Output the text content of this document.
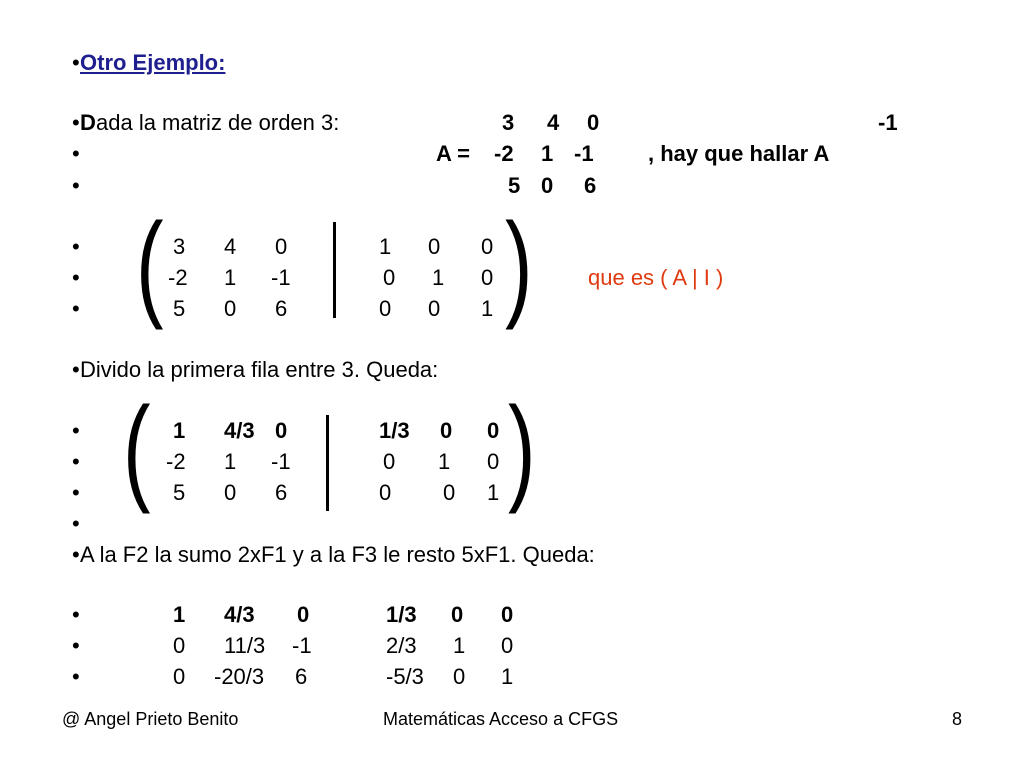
• Otro Ejemplo:
• D ada la matriz de orden 3:	3 4 0	-1
•	A = -2 1 -1 , hay que hallar A
•	5 0 6
•
•
• (	)
3 4 0	1 0 0
-2 1 -1	0 1 0
5 0 6	0 0 1
que es ( A | I )
• Divido la primera fila entre 3. Queda:
•
•
•
•
(	)
1 4/3 0	1/3 0 0
-2 1 -1	0 1 0
5 0 6	0 0 1
• A la F2 la sumo 2xF1 y a la F3 le resto 5xF1. Queda:
•
•
•
1 4/3 0	1/3 0 0
0 11/3 -1	2/3 1 0
0 -20/3 6	-5/3 0 1
@ Angel Prieto Benito	Matemáticas Acceso a CFGS	8
